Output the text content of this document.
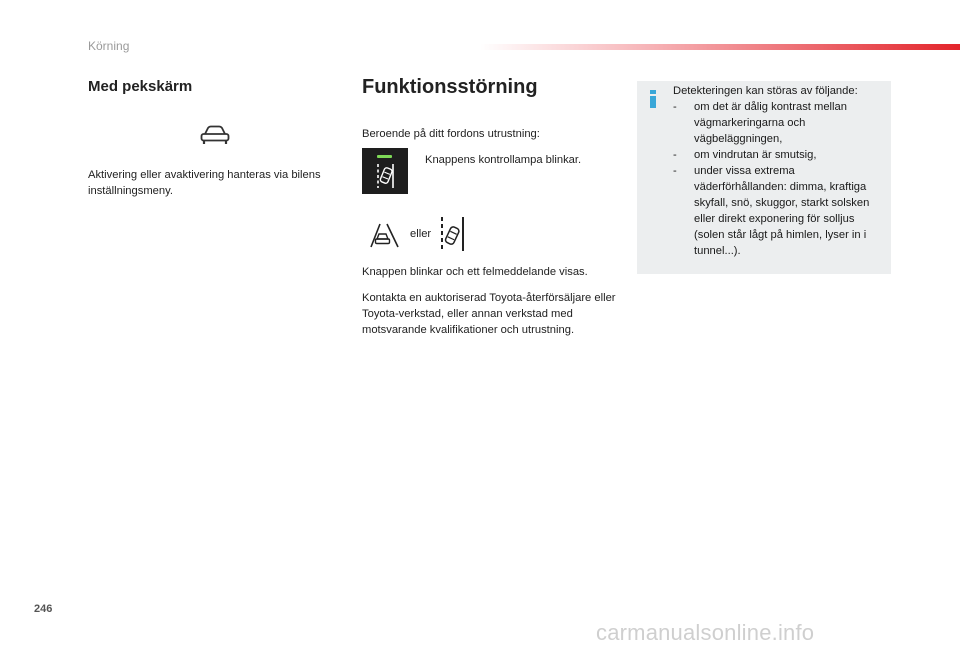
Körning
Med pekskärm

Aktivering eller avaktivering hanteras via bilens inställningsmeny.

Funktionsstörning

Beroende på ditt fordons utrustning:

Knappens kontrollampa blinkar.

eller

Knappen blinkar och ett felmeddelande visas.

Kontakta en auktoriserad Toyota-återförsäljare eller Toyota-verkstad, eller annan verkstad med motsvarande kvalifikationer och utrustning.

Detekteringen kan störas av följande:

- om det är dålig kontrast mellan vägmarkeringarna och vägbeläggningen,
- om vindrutan är smutsig,
- under vissa extrema väderförhållanden: dimma, kraftiga skyfall, snö, skuggor, starkt solsken eller direkt exponering för solljus (solen står lågt på himlen, lyser in i tunnel...).
246
carmanualsonline.info
